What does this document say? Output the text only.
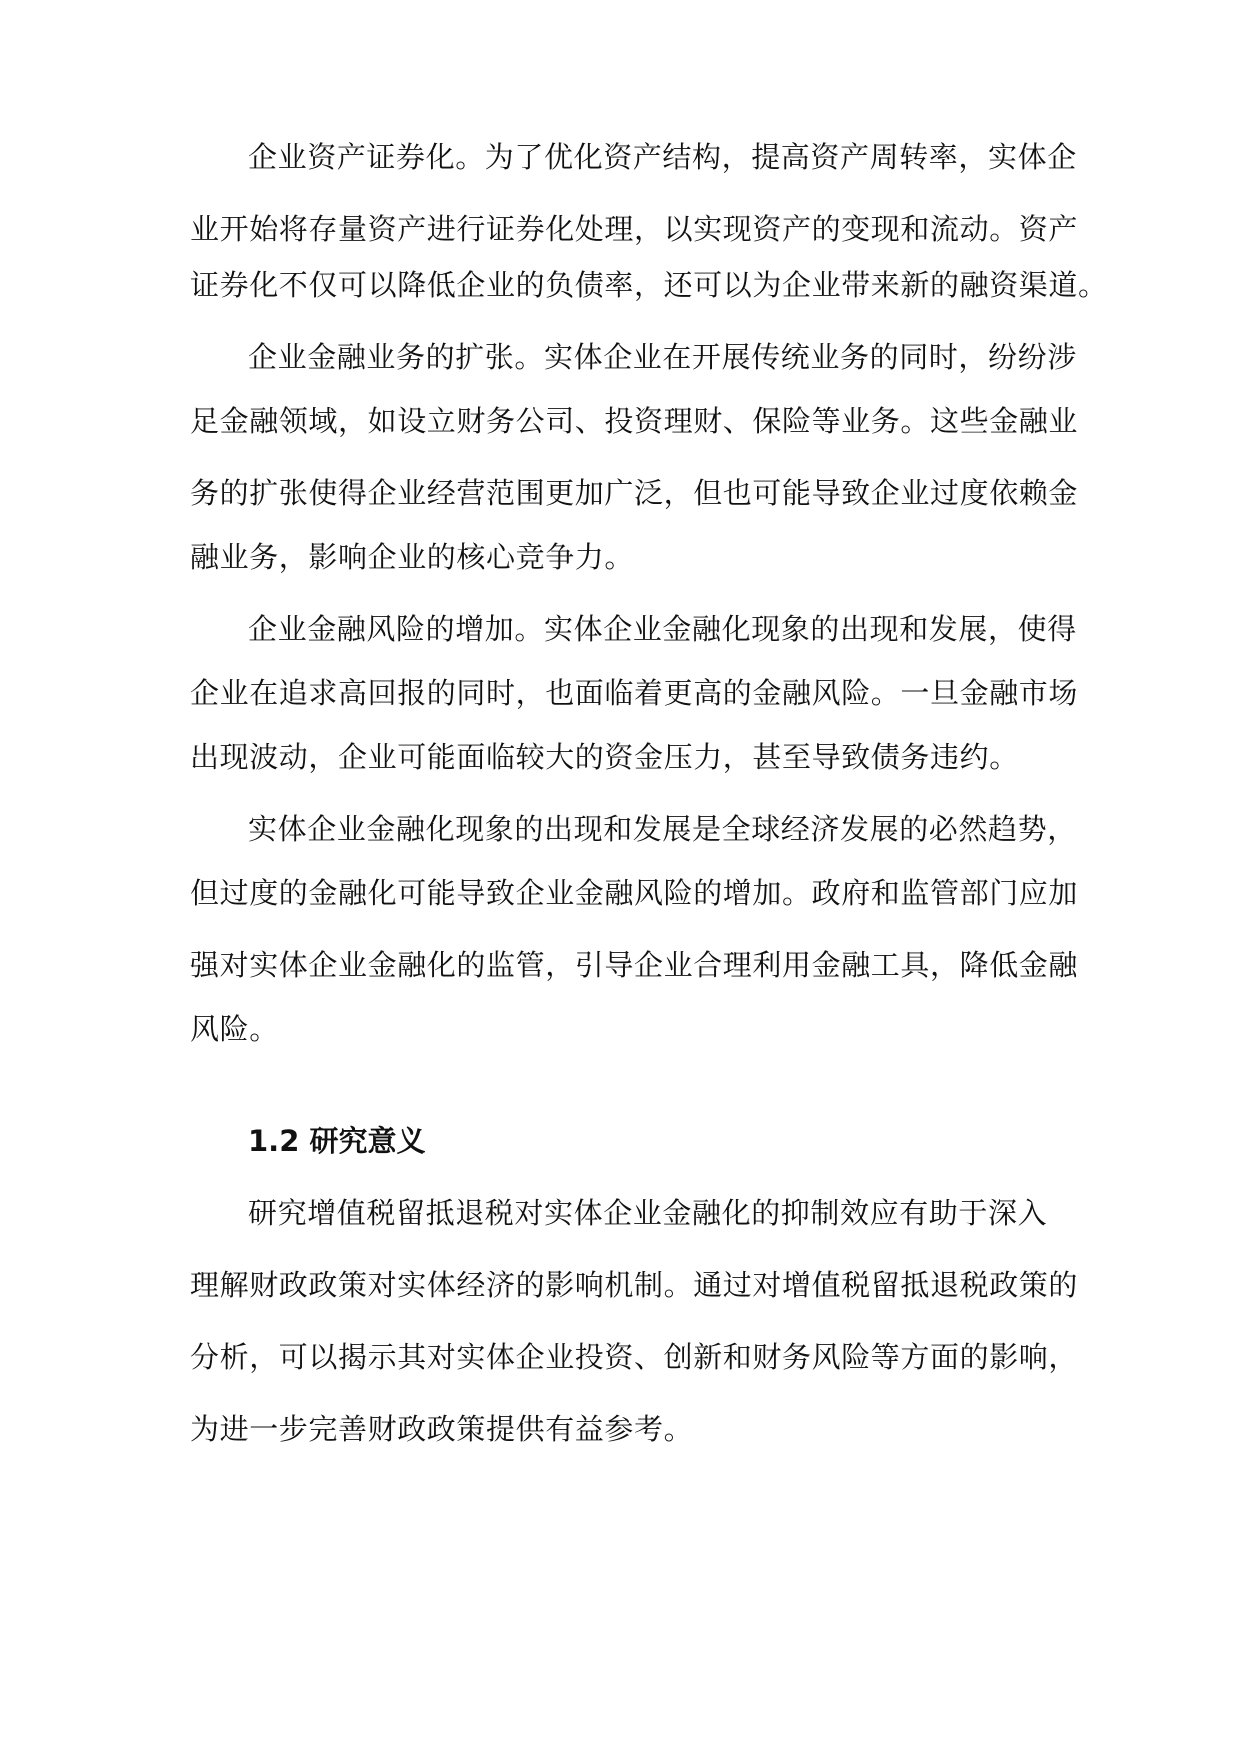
企业资产证券化。为了优化资产结构，提高资产周转率，实体企
业开始将存量资产进行证券化处理，以实现资产的变现和流动。资产
证券化不仅可以降低企业的负债率，还可以为企业带来新的融资渠道。
企业金融业务的扩张。实体企业在开展传统业务的同时，纷纷涉
足金融领域，如设立财务公司、投资理财、保险等业务。这些金融业
务的扩张使得企业经营范围更加广泛，但也可能导致企业过度依赖金
融业务，影响企业的核心竞争力。
企业金融风险的增加。实体企业金融化现象的出现和发展，使得
企业在追求高回报的同时，也面临着更高的金融风险。一旦金融市场
出现波动，企业可能面临较大的资金压力，甚至导致债务违约。
实体企业金融化现象的出现和发展是全球经济发展的必然趋势，
但过度的金融化可能导致企业金融风险的增加。政府和监管部门应加
强对实体企业金融化的监管，引导企业合理利用金融工具，降低金融
风险。
1.2 研究意义
研究增值税留抵退税对实体企业金融化的抑制效应有助于深入
理解财政政策对实体经济的影响机制。通过对增值税留抵退税政策的
分析，可以揭示其对实体企业投资、创新和财务风险等方面的影响，
为进一步完善财政政策提供有益参考。
